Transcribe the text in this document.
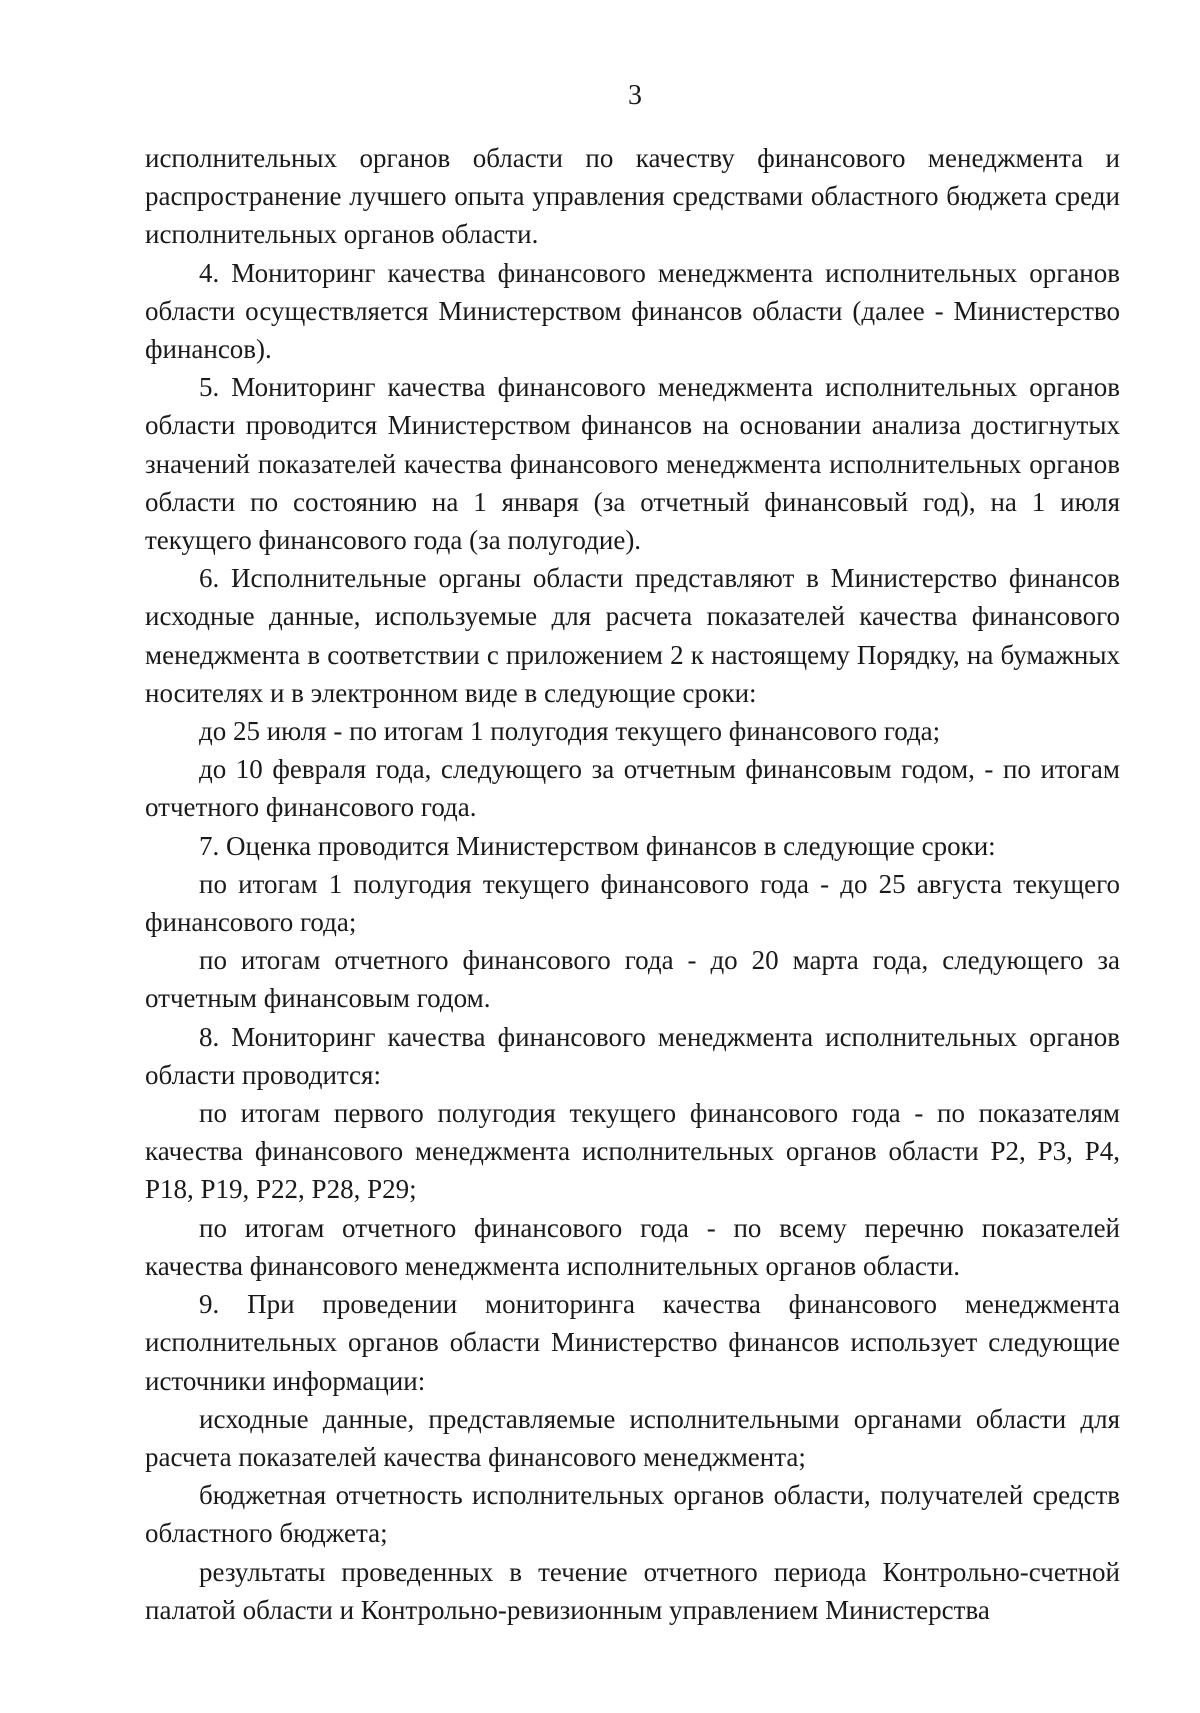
3

исполнительных органов области по качеству финансового менеджмента и распространение лучшего опыта управления средствами областного бюджета среди исполнительных органов области.

4. Мониторинг качества финансового менеджмента исполнительных органов области осуществляется Министерством финансов области (далее - Министерство финансов).

5. Мониторинг качества финансового менеджмента исполнительных органов области проводится Министерством финансов на основании анализа достигнутых значений показателей качества финансового менеджмента исполнительных органов области по состоянию на 1 января (за отчетный финансовый год), на 1 июля текущего финансового года (за полугодие).

6. Исполнительные органы области представляют в Министерство финансов исходные данные, используемые для расчета показателей качества финансового менеджмента в соответствии с приложением 2 к настоящему Порядку, на бумажных носителях и в электронном виде в следующие сроки:

до 25 июля - по итогам 1 полугодия текущего финансового года;

до 10 февраля года, следующего за отчетным финансовым годом, - по итогам отчетного финансового года.

7. Оценка проводится Министерством финансов в следующие сроки:

по итогам 1 полугодия текущего финансового года - до 25 августа текущего финансового года;

по итогам отчетного финансового года - до 20 марта года, следующего за отчетным финансовым годом.

8. Мониторинг качества финансового менеджмента исполнительных органов области проводится:

по итогам первого полугодия текущего финансового года - по показателям качества финансового менеджмента исполнительных органов области Р2, Р3, Р4, Р18, Р19, Р22, Р28, Р29;

по итогам отчетного финансового года - по всему перечню показателей качества финансового менеджмента исполнительных органов области.

9. При проведении мониторинга качества финансового менеджмента исполнительных органов области Министерство финансов использует следующие источники информации:

исходные данные, представляемые исполнительными органами области для расчета показателей качества финансового менеджмента;

бюджетная отчетность исполнительных органов области, получателей средств областного бюджета;

результаты проведенных в течение отчетного периода Контрольно-счетной палатой области и Контрольно-ревизионным управлением Министерства
